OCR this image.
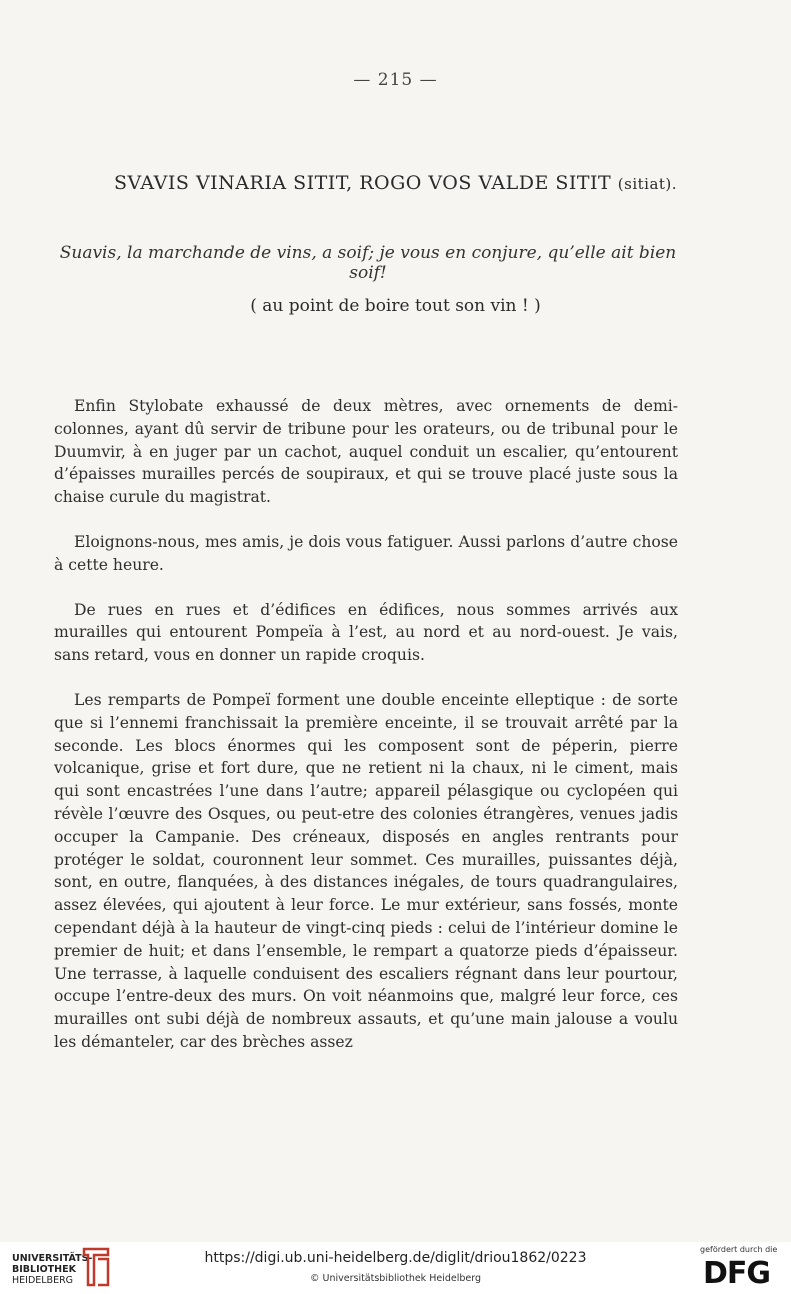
— 215 —
SVAVIS VINARIA SITIT, ROGO VOS VALDE SITIT (sitiat).
Suavis, la marchande de vins, a soif; je vous en conjure, qu’elle ait bien soif!
( au point de boire tout son vin ! )

Enfin Stylobate exhaussé de deux mètres, avec ornements de demi-colonnes, ayant dû servir de tribune pour les orateurs, ou de tribunal pour le Duumvir, à en juger par un cachot, auquel conduit un escalier, qu’entourent d’épaisses murailles percés de soupiraux, et qui se trouve placé juste sous la chaise curule du magistrat.

Eloignons-nous, mes amis, je dois vous fatiguer. Aussi parlons d’autre chose à cette heure.

De rues en rues et d’édifices en édifices, nous sommes arrivés aux murailles qui entourent Pompeïa à l’est, au nord et au nord-ouest. Je vais, sans retard, vous en donner un rapide croquis.

Les remparts de Pompeï forment une double enceinte elleptique : de sorte que si l’ennemi franchissait la première enceinte, il se trouvait arrêté par la seconde. Les blocs énormes qui les composent sont de péperin, pierre volcanique, grise et fort dure, que ne retient ni la chaux, ni le ciment, mais qui sont encastrées l’une dans l’autre; appareil pélasgique ou cyclopéen qui révèle l’œuvre des Osques, ou peut-etre des colonies étrangères, venues jadis occuper la Campanie. Des créneaux, disposés en angles rentrants pour protéger le soldat, couronnent leur sommet. Ces murailles, puissantes déjà, sont, en outre, flanquées, à des distances inégales, de tours quadrangulaires, assez élevées, qui ajoutent à leur force. Le mur extérieur, sans fossés, monte cependant déjà à la hauteur de vingt-cinq pieds : celui de l’intérieur domine le premier de huit; et dans l’ensemble, le rempart a quatorze pieds d’épaisseur. Une terrasse, à laquelle conduisent des escaliers régnant dans leur pourtour, occupe l’entre-deux des murs. On voit néanmoins que, malgré leur force, ces murailles ont subi déjà de nombreux assauts, et qu’une main jalouse a voulu les démanteler, car des brèches assez

UNIVERSITÄTS-
BIBLIOTHEK
HEIDELBERG
https://digi.ub.uni-heidelberg.de/diglit/driou1862/0223
© Universitätsbibliothek Heidelberg
gefördert durch die
DFG
